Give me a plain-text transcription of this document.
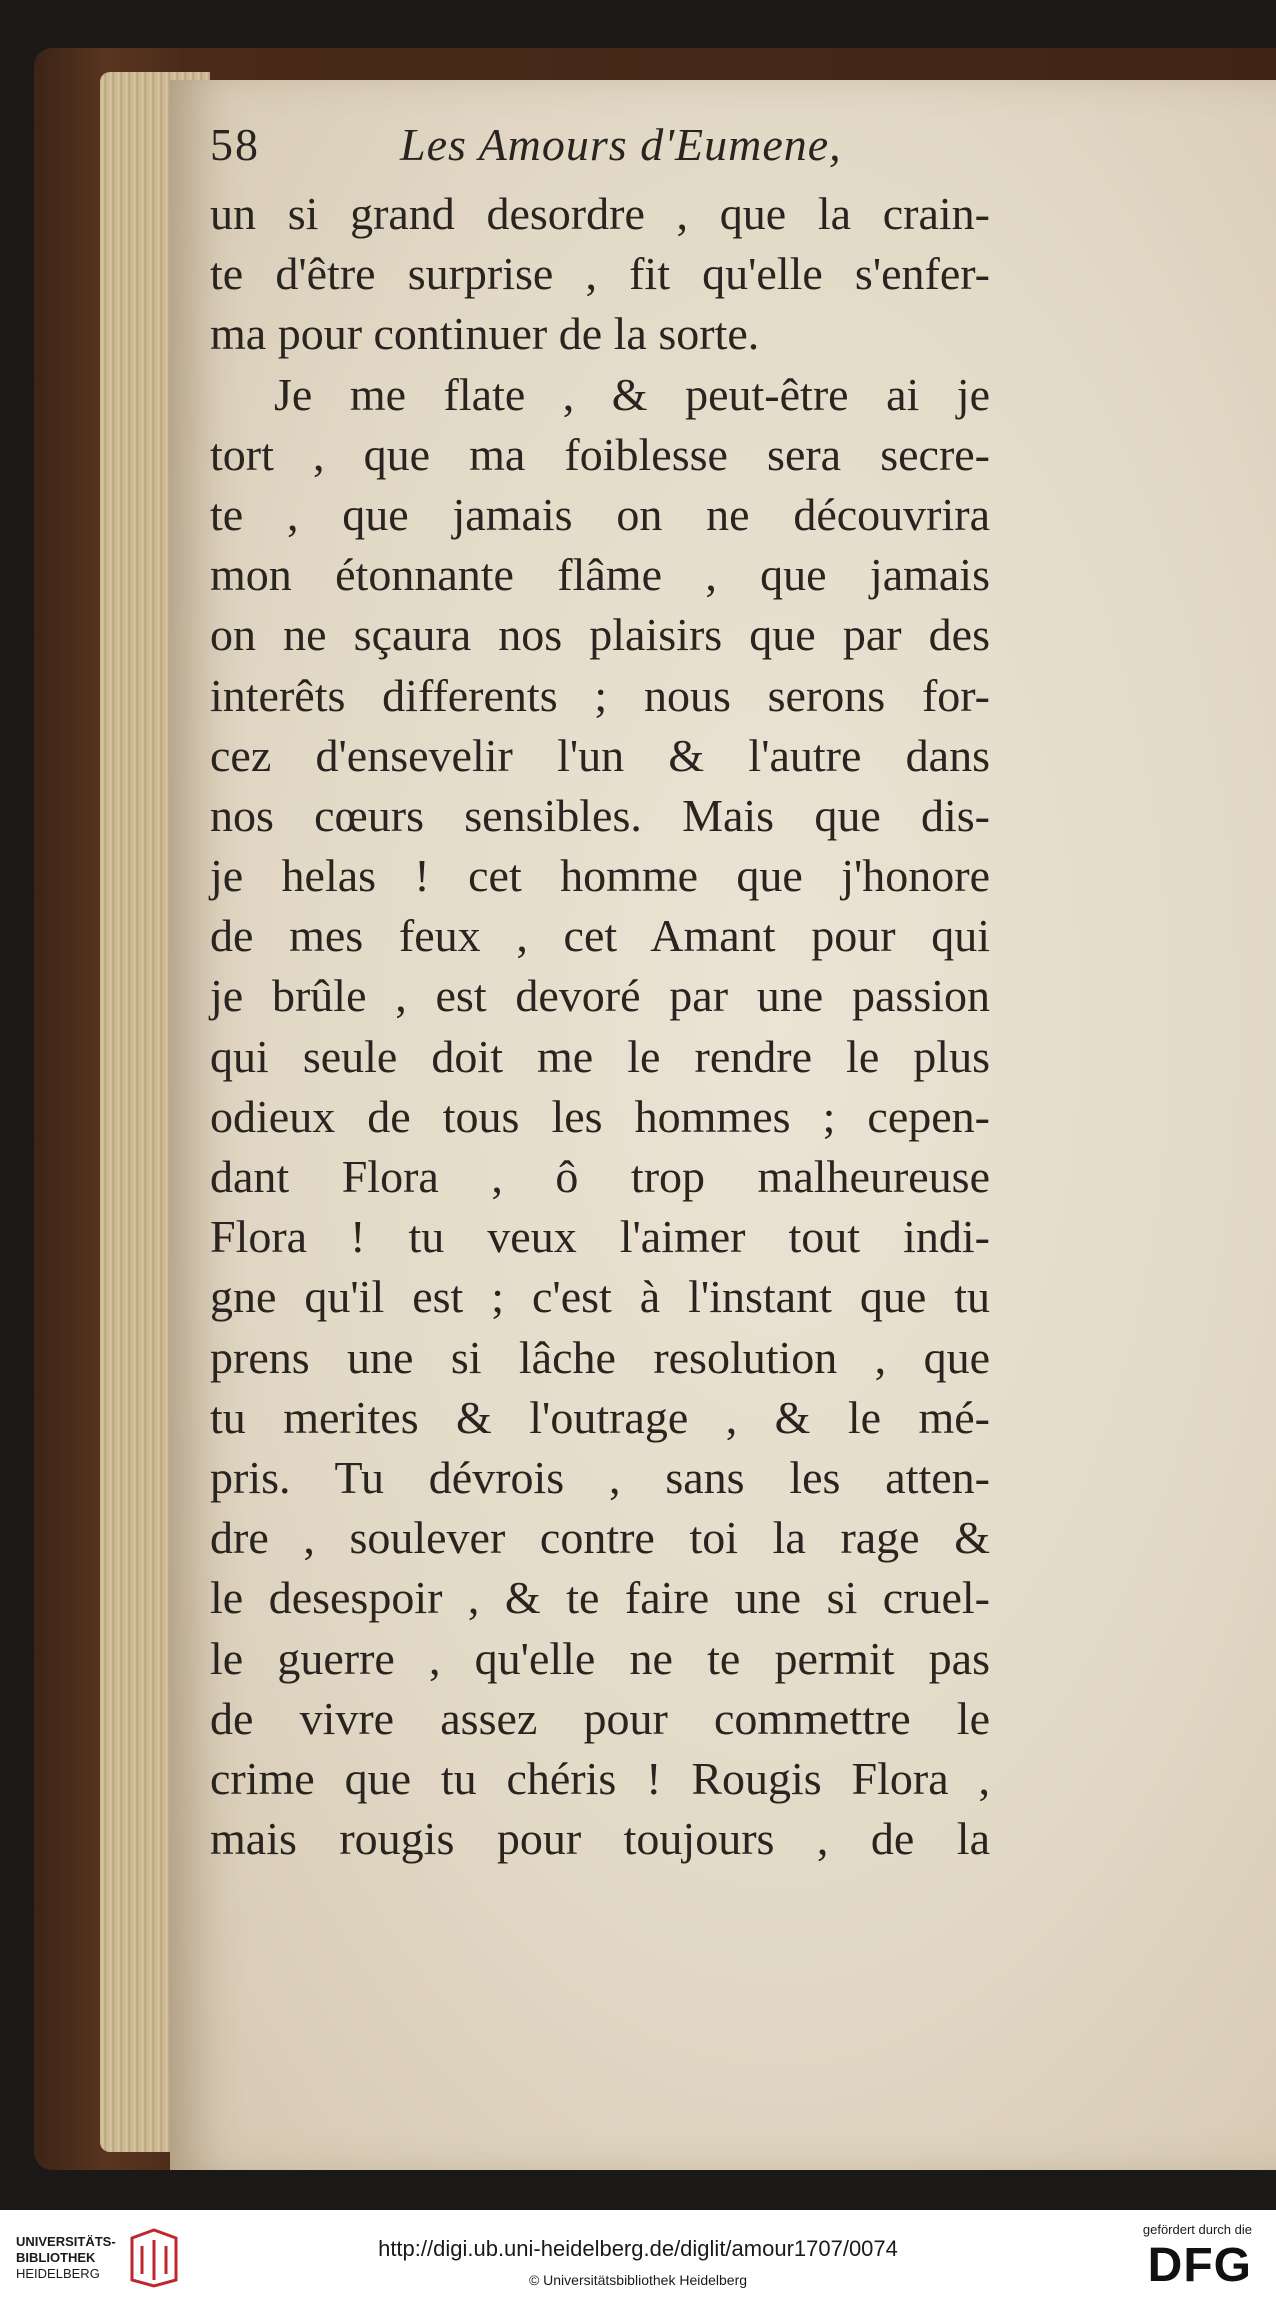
58	Les Amours d'Eumene,
un si grand desordre , que la crain-
te d'être surprise , fit qu'elle s'enfer-
ma pour continuer de la sorte.
Je me flate , & peut-être ai je
tort , que ma foiblesse sera secre-
te , que jamais on ne découvrira
mon étonnante flâme , que jamais
on ne sçaura nos plaisirs que par des
interêts differents ; nous serons for-
cez d'ensevelir l'un & l'autre dans
nos cœurs sensibles. Mais que dis-
je helas ! cet homme que j'honore
de mes feux , cet Amant pour qui
je brûle , est devoré par une passion
qui seule doit me le rendre le plus
odieux de tous les hommes ; cepen-
dant Flora , ô trop malheureuse
Flora ! tu veux l'aimer tout indi-
gne qu'il est ; c'est à l'instant que tu
prens une si lâche resolution , que
tu merites & l'outrage , & le mé-
pris. Tu dévrois , sans les atten-
dre , soulever contre toi la rage &
le desespoir , & te faire une si cruel-
le guerre , qu'elle ne te permit pas
de vivre assez pour commettre le
crime que tu chéris ! Rougis Flora ,
mais rougis pour toujours , de la
UNIVERSITÄTS-
BIBLIOTHEK
HEIDELBERG
http://digi.ub.uni-heidelberg.de/diglit/amour1707/0074
© Universitätsbibliothek Heidelberg
gefördert durch die
DFG
